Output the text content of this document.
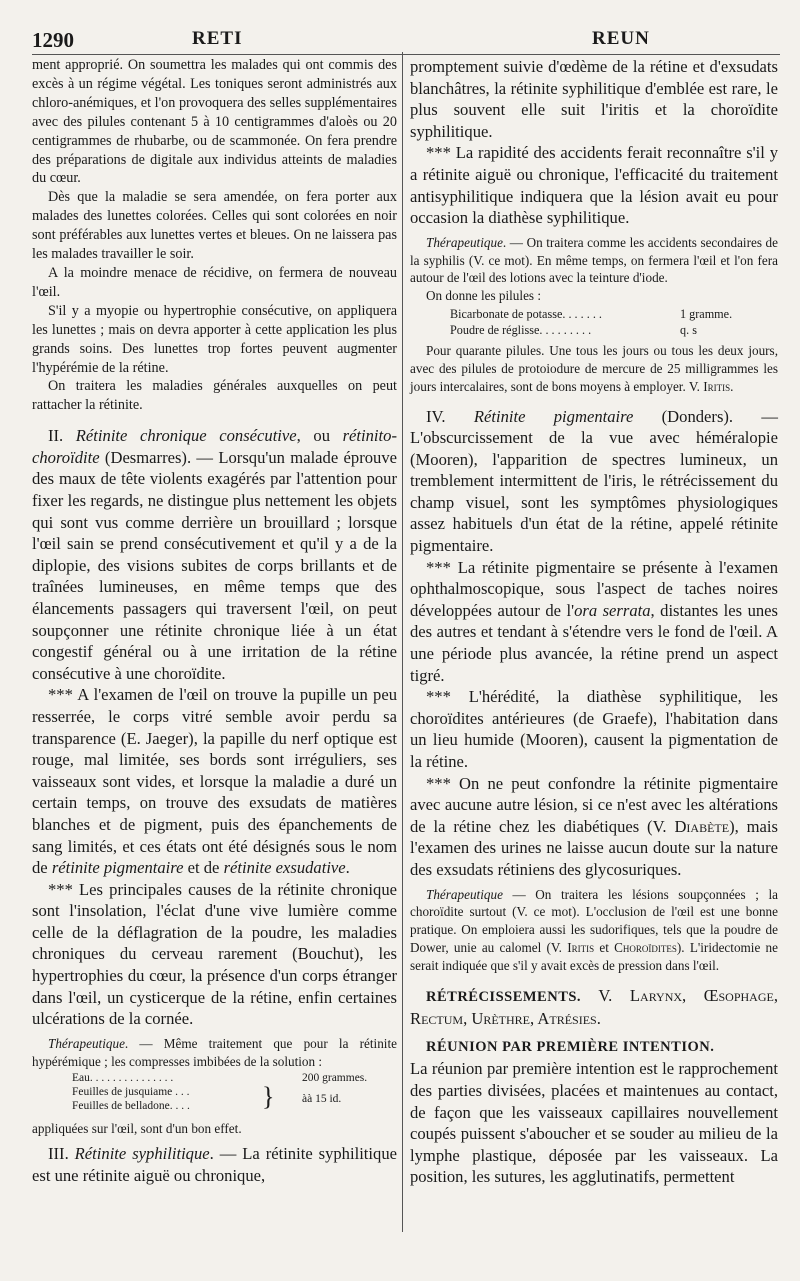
1290	RETI	REUN

ment approprié. On soumettra les malades qui ont commis des excès à un régime végétal. Les toniques seront administrés aux chloro-anémiques, et l'on provoquera des selles supplémentaires avec des pilules contenant 5 à 10 centigrammes d'aloès ou 20 centigrammes de rhubarbe, ou de scammonée. On fera prendre des préparations de digitale aux individus atteints de maladies du cœur.

Dès que la maladie se sera amendée, on fera porter aux malades des lunettes colorées. Celles qui sont colorées en noir sont préférables aux lunettes vertes et bleues. On ne laissera pas les malades travailler le soir.

A la moindre menace de récidive, on fermera de nouveau l'œil.

S'il y a myopie ou hypertrophie consécutive, on appliquera les lunettes ; mais on devra apporter à cette application les plus grands soins. Des lunettes trop fortes peuvent augmenter l'hypérémie de la rétine.

On traitera les maladies générales auxquelles on peut rattacher la rétinite.

II. Rétinite chronique consécutive, ou rétinito-choroïdite (Desmarres). — Lorsqu'un malade éprouve des maux de tête violents exagérés par l'attention pour fixer les regards, ne distingue plus nettement les objets qui sont vus comme derrière un brouillard ; lorsque l'œil sain se prend consécutivement et qu'il y a de la diplopie, des visions subites de corps brillants et de traînées lumineuses, en même temps que des élancements passagers qui traversent l'œil, on peut soupçonner une rétinite chronique liée à un état congestif général ou à une irritation de la rétine consécutive à une choroïdite.

*** A l'examen de l'œil on trouve la pupille un peu resserrée, le corps vitré semble avoir perdu sa transparence (E. Jaeger), la papille du nerf optique est rouge, mal limitée, ses bords sont irréguliers, ses vaisseaux sont vides, et lorsque la maladie a duré un certain temps, on trouve des exsudats de matières blanches et de pigment, puis des épanchements de sang limités, et ces états ont été désignés sous le nom de rétinite pigmentaire et de rétinite exsudative.

*** Les principales causes de la rétinite chronique sont l'insolation, l'éclat d'une vive lumière comme celle de la déflagration de la poudre, les maladies chroniques du cerveau rarement (Bouchut), les hypertrophies du cœur, la présence d'un corps étranger dans l'œil, un cysticerque de la rétine, enfin certaines ulcérations de la cornée.

Thérapeutique. — Même traitement que pour la rétinite hypérémique ; les compresses imbibées de la solution :

Eau. . . . . . . . . . . . . . .	200 grammes.
Feuilles de jusquiame . . .
Feuilles de belladone. . . .	} àà 15 id.

appliquées sur l'œil, sont d'un bon effet.

III. Rétinite syphilitique. — La rétinite syphilitique est une rétinite aiguë ou chronique,

promptement suivie d'œdème de la rétine et d'exsudats blanchâtres, la rétinite syphilitique d'emblée est rare, le plus souvent elle suit l'iritis et la choroïdite syphilitique.

*** La rapidité des accidents ferait reconnaître s'il y a rétinite aiguë ou chronique, l'efficacité du traitement antisyphilitique indiquera que la lésion avait eu pour occasion la diathèse syphilitique.

Thérapeutique. — On traitera comme les accidents secondaires de la syphilis (V. ce mot). En même temps, on fermera l'œil et l'on fera autour de l'œil des lotions avec la teinture d'iode.

On donne les pilules :

Bicarbonate de potasse. . . . . . .	1 gramme.
Poudre de réglisse. . . . . . . . .	q. s

Pour quarante pilules. Une tous les jours ou tous les deux jours, avec des pilules de protoiodure de mercure de 25 milligrammes les jours intercalaires, sont de bons moyens à employer. V. Iritis.

IV. Rétinite pigmentaire (Donders). — L'obscurcissement de la vue avec héméralopie (Mooren), l'apparition de spectres lumineux, un tremblement intermittent de l'iris, le rétrécissement du champ visuel, sont les symptômes physiologiques assez habituels d'un état de la rétine, appelé rétinite pigmentaire.

*** La rétinite pigmentaire se présente à l'examen ophthalmoscopique, sous l'aspect de taches noires développées autour de l'ora serrata, distantes les unes des autres et tendant à s'étendre vers le fond de l'œil. A une période plus avancée, la rétine prend un aspect tigré.

*** L'hérédité, la diathèse syphilitique, les choroïdites antérieures (de Graefe), l'habitation dans un lieu humide (Mooren), causent la pigmentation de la rétine.

*** On ne peut confondre la rétinite pigmentaire avec aucune autre lésion, si ce n'est avec les altérations de la rétine chez les diabétiques (V. Diabète), mais l'examen des urines ne laisse aucun doute sur la nature des exsudats rétiniens des glycosuriques.

Thérapeutique — On traitera les lésions soupçonnées ; la choroïdite surtout (V. ce mot). L'occlusion de l'œil est une bonne pratique. On emploiera aussi les sudorifiques, tels que la poudre de Dower, unie au calomel (V. Iritis et Choroïdites). L'iridectomie ne serait indiquée que s'il y avait excès de pression dans l'œil.

RÉTRÉCISSEMENTS. V. Larynx, Œsophage, Rectum, Urèthre, Atrésies.

RÉUNION PAR PREMIÈRE INTENTION.

La réunion par première intention est le rapprochement des parties divisées, placées et maintenues au contact, de façon que les vaisseaux capillaires nouvellement coupés puissent s'aboucher et se souder au milieu de la lymphe plastique, déposée par les vaisseaux. La position, les sutures, les agglutinatifs, permettent
